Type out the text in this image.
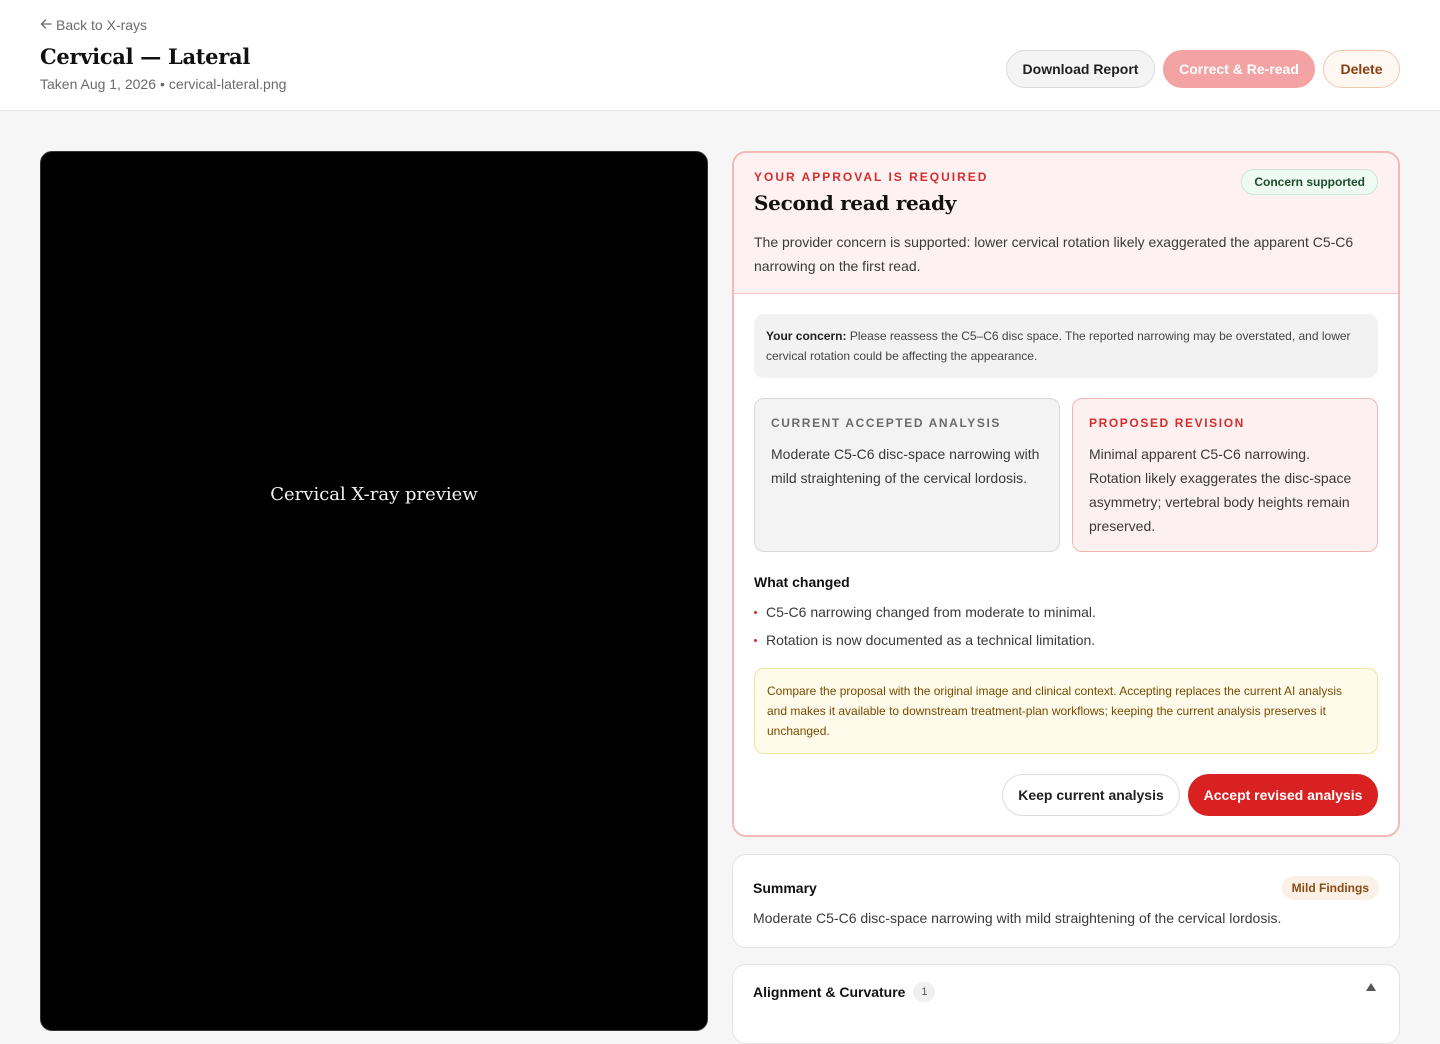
Back to X-rays
Cervical — Lateral
Taken Aug 1, 2026 • cervical-lateral.png
Download Report	Correct & Re-read	Delete
Cervical X-ray preview
YOUR APPROVAL IS REQUIRED	Concern supported
Second read ready
The provider concern is supported: lower cervical rotation likely exaggerated the apparent C5-C6 narrowing on the first read.
Your concern: Please reassess the C5–C6 disc space. The reported narrowing may be overstated, and lower cervical rotation could be affecting the appearance.
CURRENT ACCEPTED ANALYSIS
Moderate C5-C6 disc-space narrowing with mild straightening of the cervical lordosis.
PROPOSED REVISION
Minimal apparent C5-C6 narrowing. Rotation likely exaggerates the disc-space asymmetry; vertebral body heights remain preserved.
What changed
C5-C6 narrowing changed from moderate to minimal.
Rotation is now documented as a technical limitation.
Compare the proposal with the original image and clinical context. Accepting replaces the current AI analysis and makes it available to downstream treatment-plan workflows; keeping the current analysis preserves it unchanged.
Keep current analysis	Accept revised analysis
Summary	Mild Findings
Moderate C5-C6 disc-space narrowing with mild straightening of the cervical lordosis.
Alignment & Curvature	1
